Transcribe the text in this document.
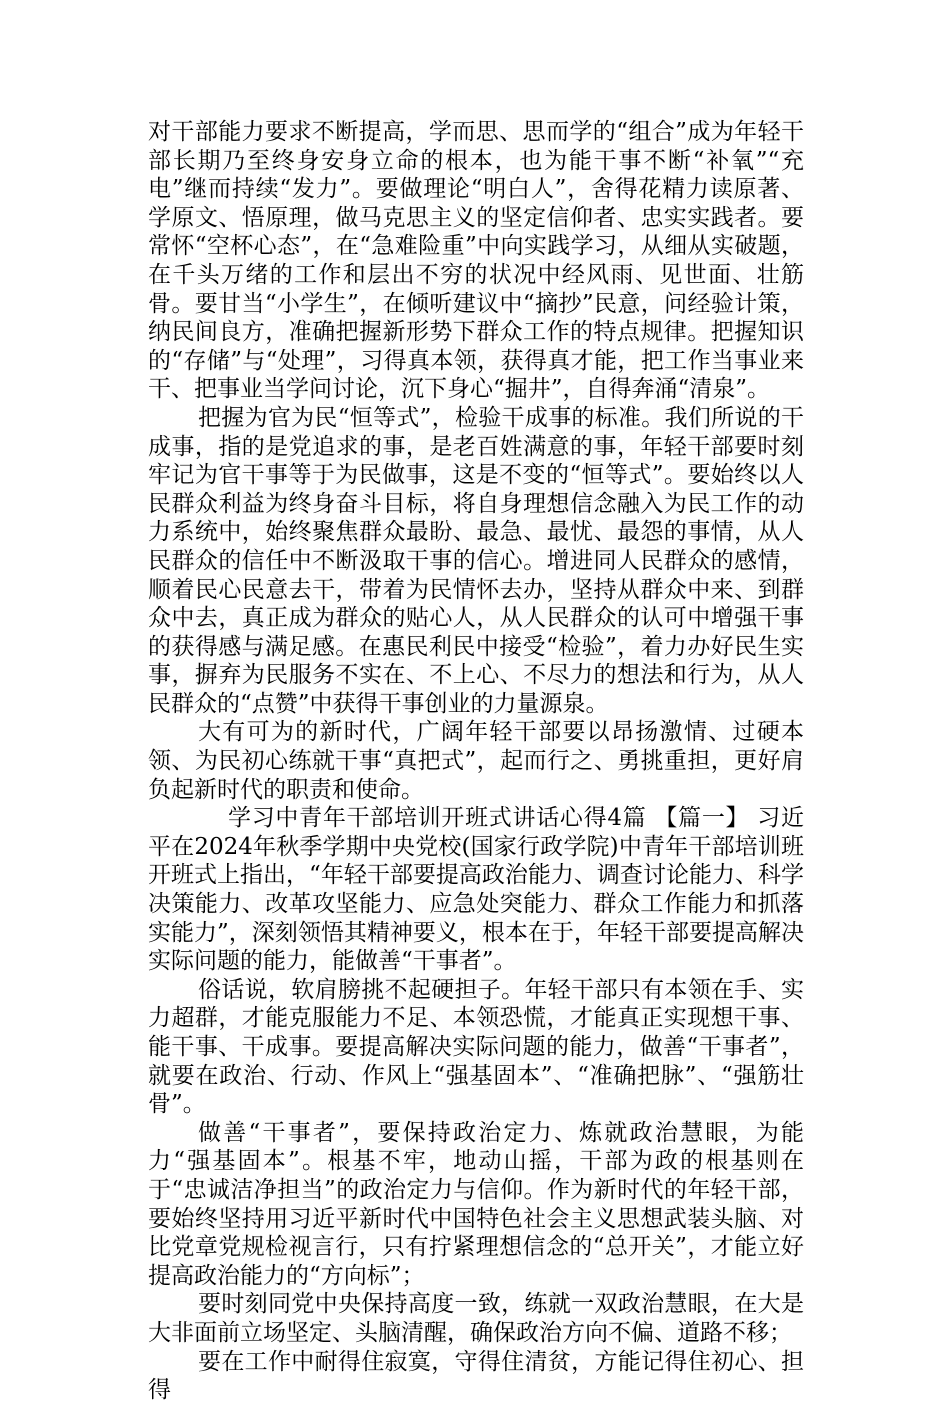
对干部能力要求不断提高，学而思、思而学的“组合”成为年轻干部长期乃至终身安身立命的根本，也为能干事不断“补氧”“充电”继而持续“发力”。要做理论“明白人”，舍得花精力读原著、学原文、悟原理，做马克思主义的坚定信仰者、忠实实践者。要常怀“空杯心态”，在“急难险重”中向实践学习，从细从实破题，在千头万绪的工作和层出不穷的状况中经风雨、见世面、壮筋骨。要甘当“小学生”，在倾听建议中“摘抄”民意，问经验计策，纳民间良方，准确把握新形势下群众工作的特点规律。把握知识的“存储”与“处理”，习得真本领，获得真才能，把工作当事业来干、把事业当学问讨论，沉下身心“掘井”，自得奔涌“清泉”。

把握为官为民“恒等式”，检验干成事的标准。我们所说的干成事，指的是党追求的事，是老百姓满意的事，年轻干部要时刻牢记为官干事等于为民做事，这是不变的“恒等式”。要始终以人民群众利益为终身奋斗目标，将自身理想信念融入为民工作的动力系统中，始终聚焦群众最盼、最急、最忧、最怨的事情，从人民群众的信任中不断汲取干事的信心。增进同人民群众的感情，顺着民心民意去干，带着为民情怀去办，坚持从群众中来、到群众中去，真正成为群众的贴心人，从人民群众的认可中增强干事的获得感与满足感。在惠民利民中接受“检验”，着力办好民生实事，摒弃为民服务不实在、不上心、不尽力的想法和行为，从人民群众的“点赞”中获得干事创业的力量源泉。

大有可为的新时代，广阔年轻干部要以昂扬激情、过硬本领、为民初心练就干事“真把式”，起而行之、勇挑重担，更好肩负起新时代的职责和使命。

学习中青年干部培训开班式讲话心得4篇 【篇一】 习近平在2024年秋季学期中央党校(国家行政学院)中青年干部培训班开班式上指出，“年轻干部要提高政治能力、调查讨论能力、科学决策能力、改革攻坚能力、应急处突能力、群众工作能力和抓落实能力”，深刻领悟其精神要义，根本在于，年轻干部要提高解决实际问题的能力，能做善“干事者”。

俗话说，软肩膀挑不起硬担子。年轻干部只有本领在手、实力超群，才能克服能力不足、本领恐慌，才能真正实现想干事、能干事、干成事。要提高解决实际问题的能力，做善“干事者”，就要在政治、行动、作风上“强基固本”、“准确把脉”、“强筋壮骨”。

做善“干事者”，要保持政治定力、炼就政治慧眼，为能力“强基固本”。根基不牢，地动山摇，干部为政的根基则在于“忠诚洁净担当”的政治定力与信仰。作为新时代的年轻干部，要始终坚持用习近平新时代中国特色社会主义思想武装头脑、对比党章党规检视言行，只有拧紧理想信念的“总开关”，才能立好提高政治能力的“方向标”；

要时刻同党中央保持高度一致，练就一双政治慧眼，在大是大非面前立场坚定、头脑清醒，确保政治方向不偏、道路不移；

要在工作中耐得住寂寞，守得住清贫，方能记得住初心、担得
